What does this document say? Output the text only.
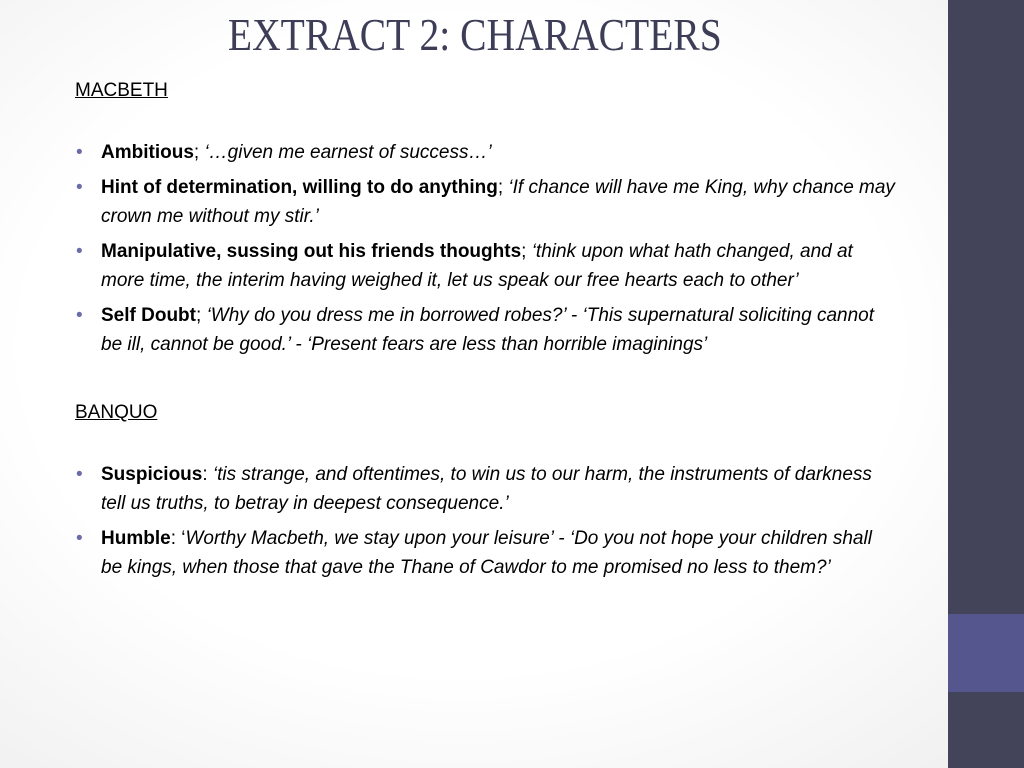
EXTRACT 2: CHARACTERS

MACBETH

• Ambitious; ‘…given me earnest of success…’
• Hint of determination, willing to do anything; ‘If chance will have me King, why chance may crown me without my stir.’
• Manipulative, sussing out his friends thoughts; ‘think upon what hath changed, and at more time, the interim having weighed it, let us speak our free hearts each to other’
• Self Doubt; ‘Why do you dress me in borrowed robes?’ - ‘This supernatural soliciting cannot be ill, cannot be good.’ - ‘Present fears are less than horrible imaginings’

BANQUO

• Suspicious: ‘tis strange, and oftentimes, to win us to our harm, the instruments of darkness tell us truths, to betray in deepest consequence.’
• Humble: ‘Worthy Macbeth, we stay upon your leisure’ - ‘Do you not hope your children shall be kings, when those that gave the Thane of Cawdor to me promised no less to them?’
